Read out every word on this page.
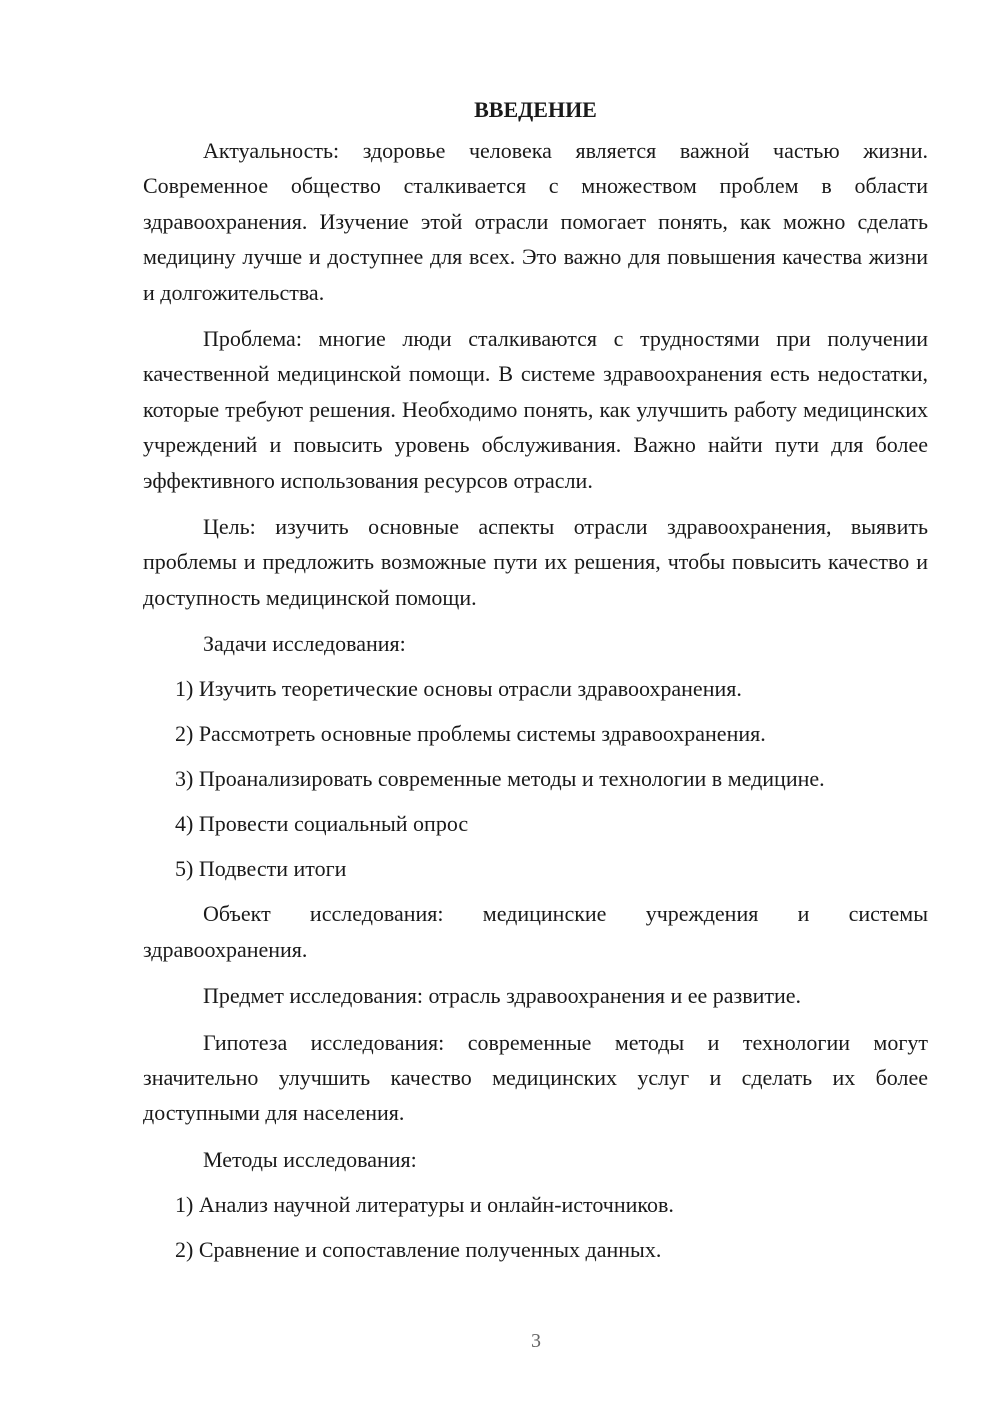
ВВЕДЕНИЕ

Актуальность: здоровье человека является важной частью жизни. Современное общество сталкивается с множеством проблем в области здравоохранения. Изучение этой отрасли помогает понять, как можно сделать медицину лучше и доступнее для всех. Это важно для повышения качества жизни и долгожительства.

Проблема: многие люди сталкиваются с трудностями при получении качественной медицинской помощи. В системе здравоохранения есть недостатки, которые требуют решения. Необходимо понять, как улучшить работу медицинских учреждений и повысить уровень обслуживания. Важно найти пути для более эффективного использования ресурсов отрасли.

Цель: изучить основные аспекты отрасли здравоохранения, выявить проблемы и предложить возможные пути их решения, чтобы повысить качество и доступность медицинской помощи.

Задачи исследования:
1) Изучить теоретические основы отрасли здравоохранения.
2) Рассмотреть основные проблемы системы здравоохранения.
3) Проанализировать современные методы и технологии в медицине.
4) Провести социальный опрос
5) Подвести итоги

Объект исследования: медицинские учреждения и системы здравоохранения.

Предмет исследования: отрасль здравоохранения и ее развитие.

Гипотеза исследования: современные методы и технологии могут значительно улучшить качество медицинских услуг и сделать их более доступными для населения.

Методы исследования:
1) Анализ научной литературы и онлайн-источников.
2) Сравнение и сопоставление полученных данных.
3
